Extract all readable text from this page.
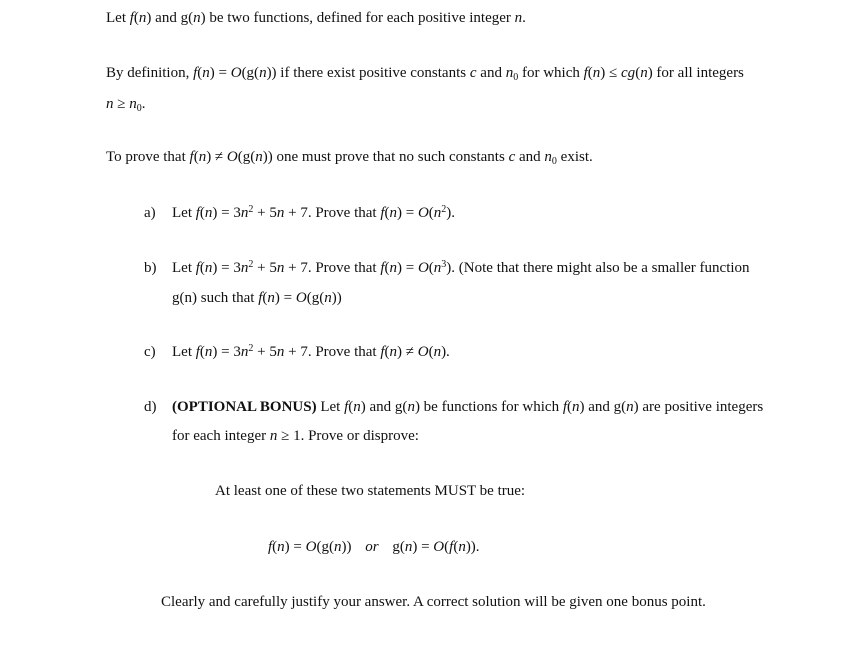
Let f(n) and g(n) be two functions, defined for each positive integer n.
By definition, f(n) = O(g(n)) if there exist positive constants c and $n_0$ for which f(n) ≤ cg(n) for all integers
$n \ge n_0$.
To prove that f(n) ≠ O(g(n)) one must prove that no such constants c and $n_0$ exist.
a) Let $f(n) = 3n^2 + 5n + 7$. Prove that $f(n) = O(n^2)$.
b) Let $f(n) = 3n^2 + 5n + 7$. Prove that $f(n) = O(n^3)$. (Note that there might also be a smaller function
g(n) such that f(n) = O(g(n))
c) Let $f(n) = 3n^2 + 5n + 7$. Prove that f(n) ≠ O(n).
d) (OPTIONAL BONUS) Let f(n) and g(n) be functions for which f(n) and g(n) are positive integers
for each integer n ≥ 1. Prove or disprove:
At least one of these two statements MUST be true:
f(n) = O(g(n)) or g(n) = O(f(n)).
Clearly and carefully justify your answer. A correct solution will be given one bonus point.
